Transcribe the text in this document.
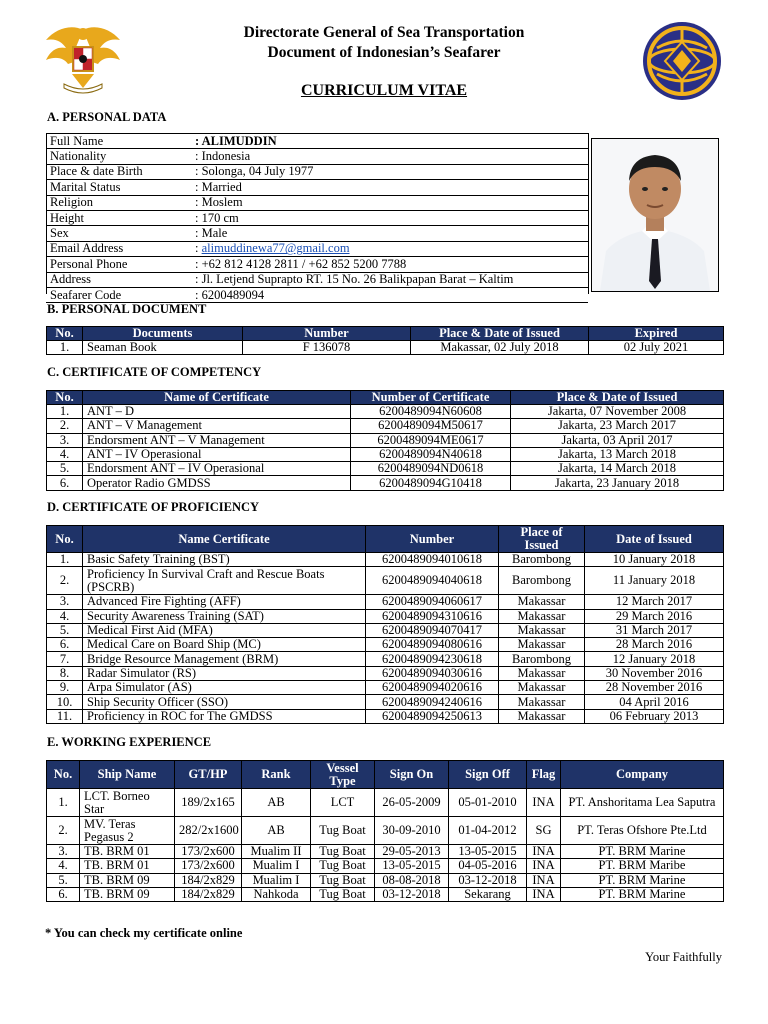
Directorate General of Sea Transportation
Document of Indonesian’s Seafarer
CURRICULUM VITAE
A. PERSONAL DATA
Full Name	: ALIMUDDIN
Nationality	: Indonesia
Place & date Birth	: Solonga, 04 July 1977
Marital Status	: Married
Religion	: Moslem
Height	: 170 cm
Sex	: Male
Email Address	: alimuddinewa77@gmail.com
Personal Phone	: +62 812 4128 2811 / +62 852 5200 7788
Address	: Jl. Letjend Suprapto RT. 15 No. 26 Balikpapan Barat – Kaltim
Seafarer Code	: 6200489094
B. PERSONAL DOCUMENT
No.	Documents	Number	Place & Date of Issued	Expired
1.	Seaman Book	F 136078	Makassar, 02 July 2018	02 July 2021
C. CERTIFICATE OF COMPETENCY
No.	Name of Certificate	Number of Certificate	Place & Date of Issued
1.	ANT – D	6200489094N60608	Jakarta, 07 November 2008
2.	ANT – V Management	6200489094M50617	Jakarta, 23 March 2017
3.	Endorsment ANT – V Management	6200489094ME0617	Jakarta, 03 April 2017
4.	ANT – IV Operasional	6200489094N40618	Jakarta, 13 March 2018
5.	Endorsment ANT – IV Operasional	6200489094ND0618	Jakarta, 14 March 2018
6.	Operator Radio GMDSS	6200489094G10418	Jakarta, 23 January 2018
D. CERTIFICATE OF PROFICIENCY
No.	Name Certificate	Number	Place of Issued	Date of Issued
1.	Basic Safety Training (BST)	6200489094010618	Barombong	10 January 2018
2.	Proficiency In Survival Craft and Rescue Boats (PSCRB)	6200489094040618	Barombong	11 January 2018
3.	Advanced Fire Fighting (AFF)	6200489094060617	Makassar	12 March 2017
4.	Security Awareness Training (SAT)	6200489094310616	Makassar	29 March 2016
5.	Medical First Aid (MFA)	6200489094070417	Makassar	31 March 2017
6.	Medical Care on Board Ship (MC)	6200489094080616	Makassar	28 March 2016
7.	Bridge Resource Management (BRM)	6200489094230618	Barombong	12 January 2018
8.	Radar Simulator (RS)	6200489094030616	Makassar	30 November 2016
9.	Arpa Simulator (AS)	6200489094020616	Makassar	28 November 2016
10.	Ship Security Officer (SSO)	6200489094240616	Makassar	04 April 2016
11.	Proficiency in ROC for The GMDSS	6200489094250613	Makassar	06 February 2013
E. WORKING EXPERIENCE
No.	Ship Name	GT/HP	Rank	Vessel Type	Sign On	Sign Off	Flag	Company
1.	LCT. Borneo Star	189/2x165	AB	LCT	26-05-2009	05-01-2010	INA	PT. Anshoritama Lea Saputra
2.	MV. Teras Pegasus 2	282/2x1600	AB	Tug Boat	30-09-2010	01-04-2012	SG	PT. Teras Ofshore Pte.Ltd
3.	TB. BRM 01	173/2x600	Mualim II	Tug Boat	29-05-2013	13-05-2015	INA	PT. BRM Marine
4.	TB. BRM 01	173/2x600	Mualim I	Tug Boat	13-05-2015	04-05-2016	INA	PT. BRM Maribe
5.	TB. BRM 09	184/2x829	Mualim I	Tug Boat	08-08-2018	03-12-2018	INA	PT. BRM Marine
6.	TB. BRM 09	184/2x829	Nahkoda	Tug Boat	03-12-2018	Sekarang	INA	PT. BRM Marine
* You can check my certificate online
Your Faithfully
